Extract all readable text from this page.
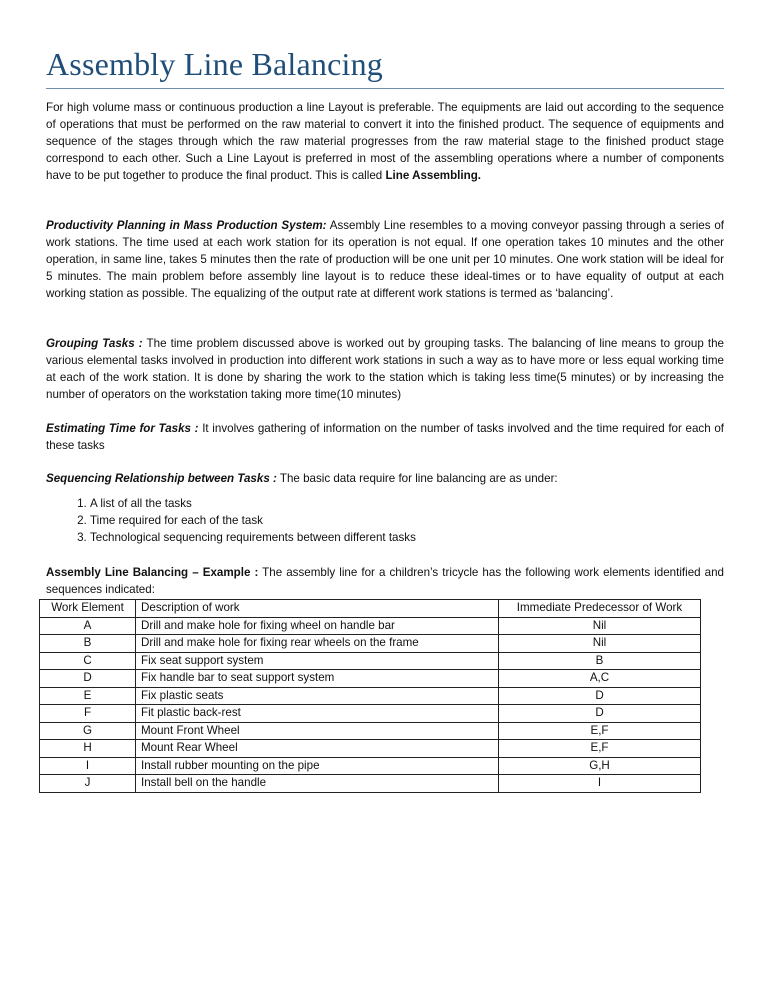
Assembly Line Balancing

For high volume mass or continuous production a line Layout is preferable. The equipments are laid out according to the sequence of operations that must be performed on the raw material to convert it into the finished product. The sequence of equipments and sequence of the stages through which the raw material progresses from the raw material stage to the finished product stage correspond to each other. Such a Line Layout is preferred in most of the assembling operations where a number of components have to be put together to produce the final product. This is called Line Assembling.

Productivity Planning in Mass Production System: Assembly Line resembles to a moving conveyor passing through a series of work stations. The time used at each work station for its operation is not equal. If one operation takes 10 minutes and the other operation, in same line, takes 5 minutes then the rate of production will be one unit per 10 minutes. One work station will be ideal for 5 minutes. The main problem before assembly line layout is to reduce these ideal-times or to have equality of output at each working station as possible. The equalizing of the output rate at different work stations is termed as ‘balancing’.

Grouping Tasks : The time problem discussed above is worked out by grouping tasks. The balancing of line means to group the various elemental tasks involved in production into different work stations in such a way as to have more or less equal working time at each of the work station. It is done by sharing the work to the station which is taking less time(5 minutes) or by increasing the number of operators on the workstation taking more time(10 minutes)

Estimating Time for Tasks : It involves gathering of information on the number of tasks involved and the time required for each of these tasks

Sequencing Relationship between Tasks : The basic data require for line balancing are as under:

1. A list of all the tasks
2. Time required for each of the task
3. Technological sequencing requirements between different tasks

Assembly Line Balancing – Example : The assembly line for a children’s tricycle has the following work elements identified and sequences indicated:

Work Element	Description of work	Immediate Predecessor of Work
A	Drill and make hole for fixing wheel on handle bar	Nil
B	Drill and make hole for fixing rear wheels on the frame	Nil
C	Fix seat support system	B
D	Fix handle bar to seat support system	A,C
E	Fix plastic seats	D
F	Fit plastic back-rest	D
G	Mount Front Wheel	E,F
H	Mount Rear Wheel	E,F
I	Install rubber mounting on the pipe	G,H
J	Install bell on the handle	I
